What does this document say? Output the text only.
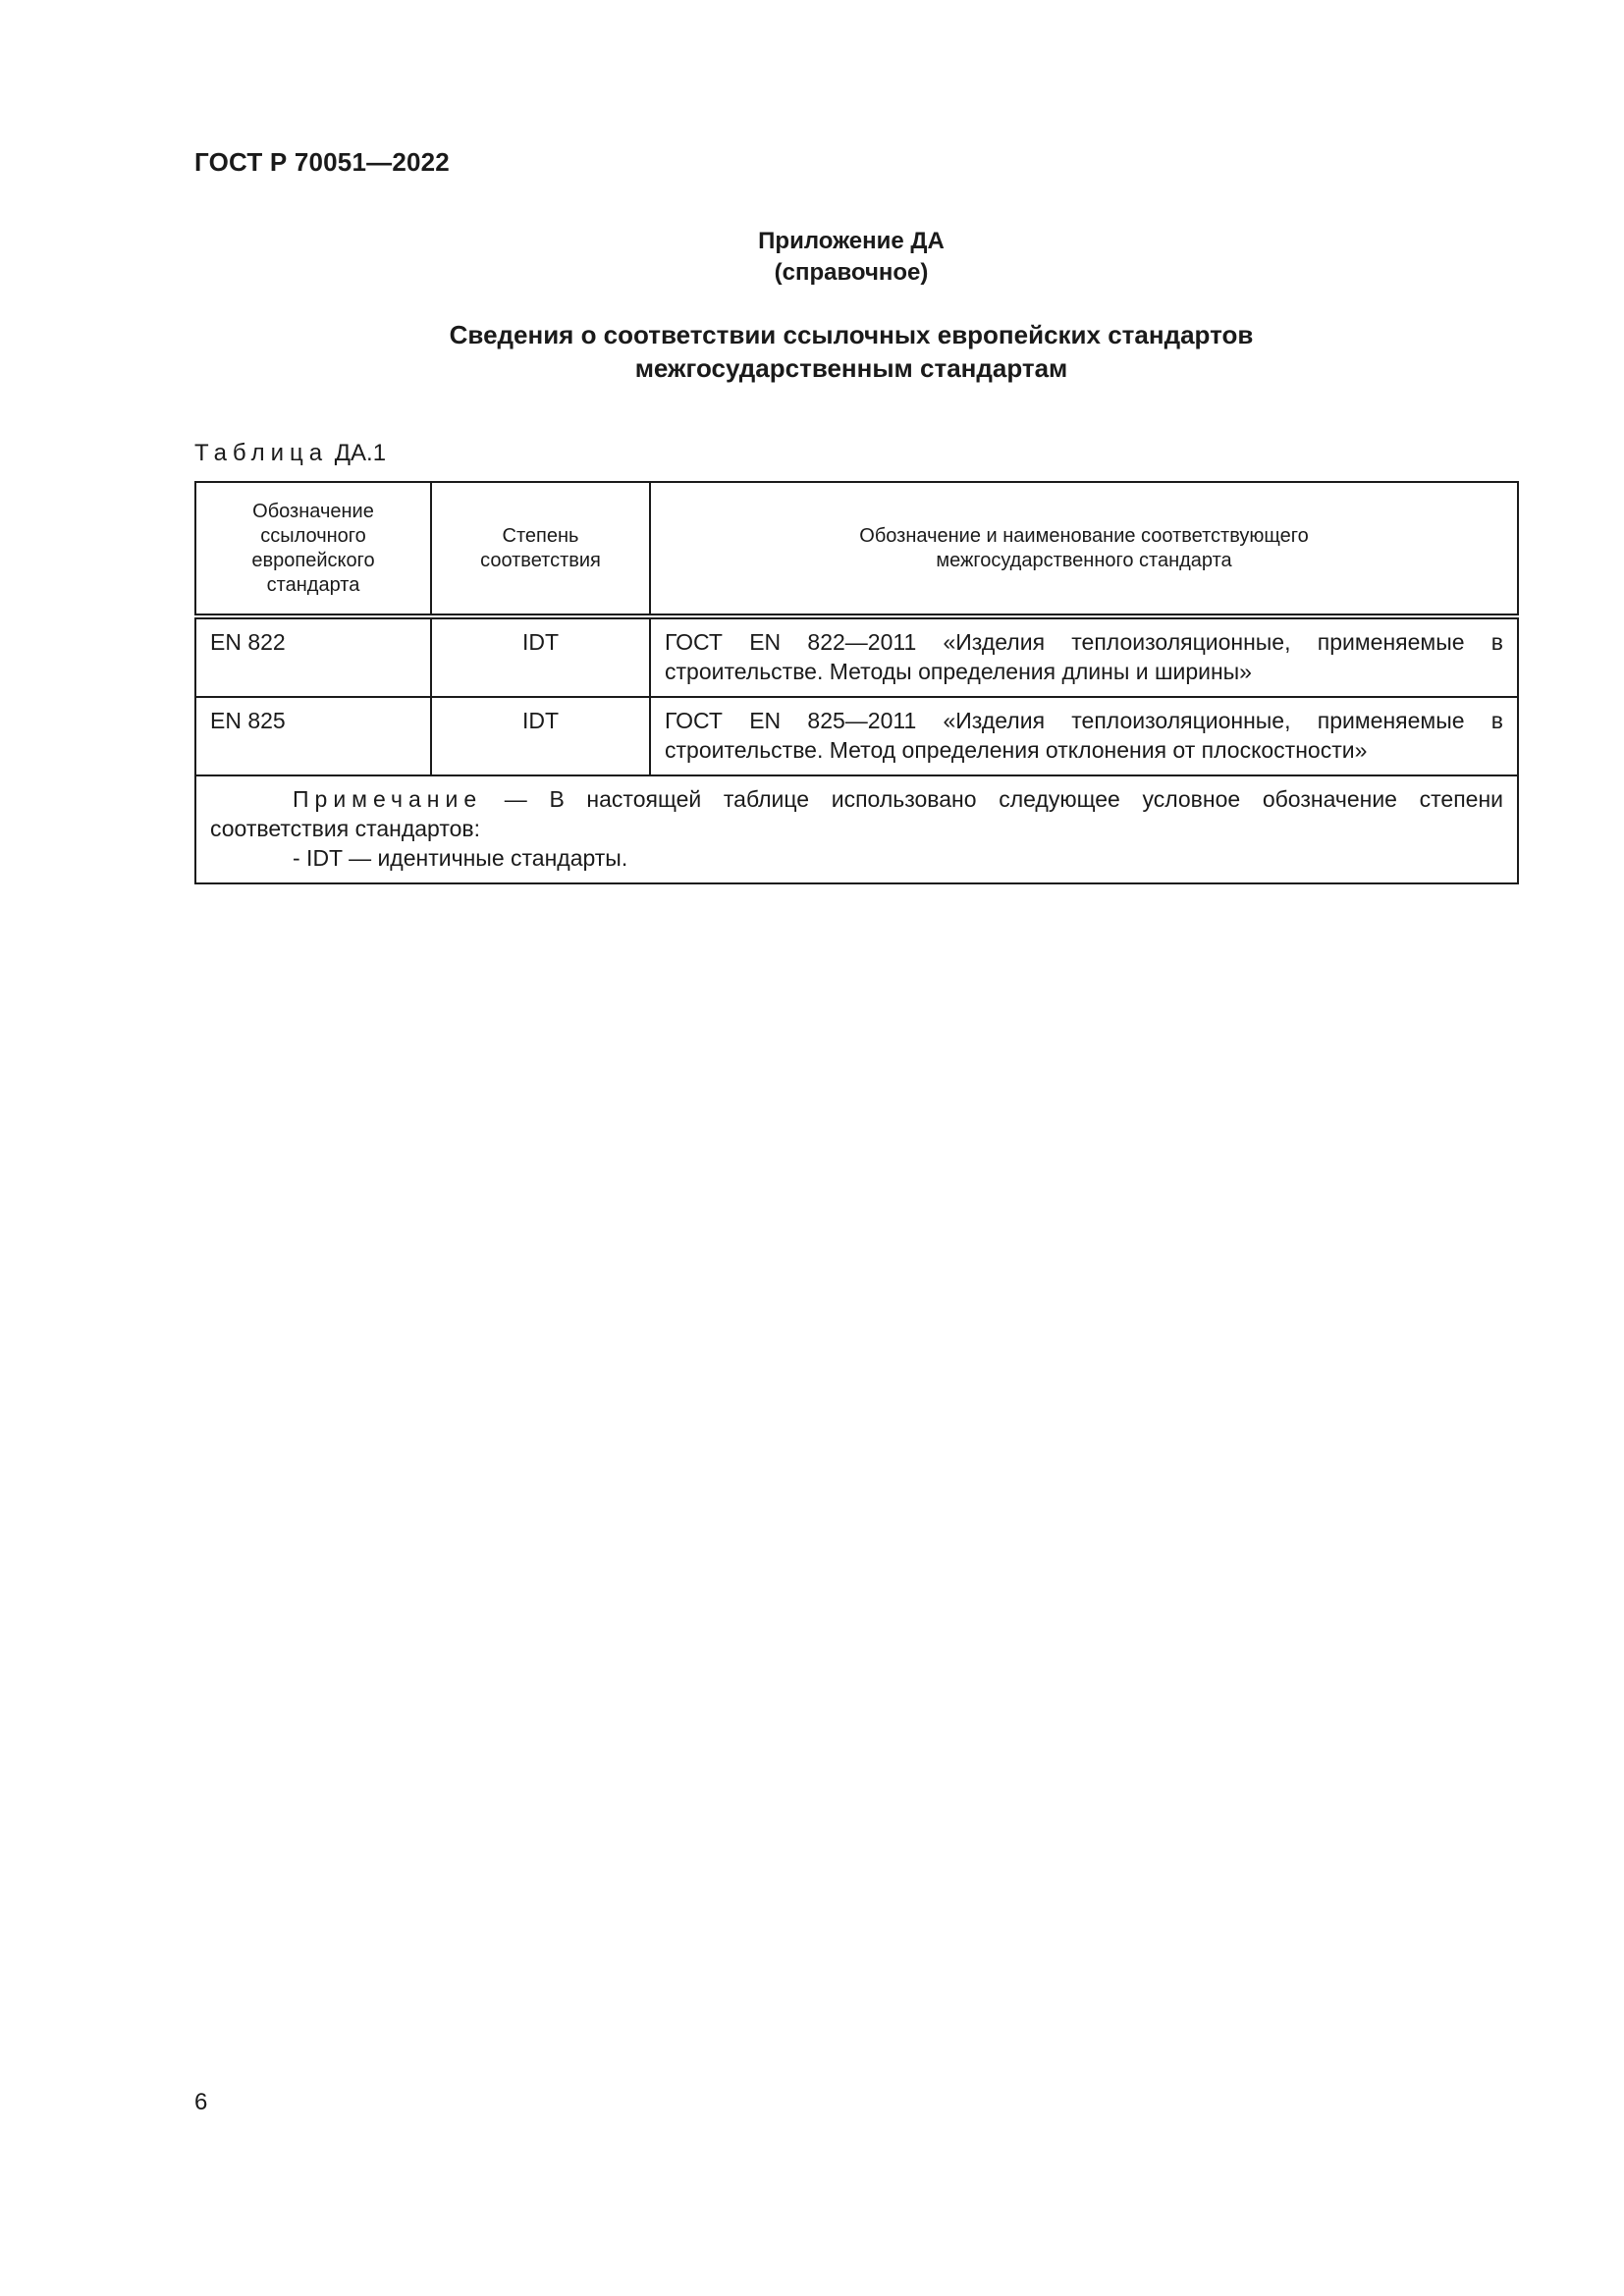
ГОСТ Р 70051—2022
Приложение ДА
(справочное)
Сведения о соответствии ссылочных европейских стандартов
межгосударственным стандартам
Таблица ДА.1
Обозначение ссылочного европейского стандарта	Степень соответствия	Обозначение и наименование соответствующего межгосударственного стандарта

EN 822	IDT	ГОСТ EN 822—2011 «Изделия теплоизоляционные, применяемые в строительстве. Методы определения длины и ширины»
EN 825	IDT	ГОСТ EN 825—2011 «Изделия теплоизоляционные, применяемые в строительстве. Метод определения отклонения от плоскостности»

Примечание — В настоящей таблице использовано следующее условное обозначение степени соответствия стандартов:
- IDT — идентичные стандарты.		
6
